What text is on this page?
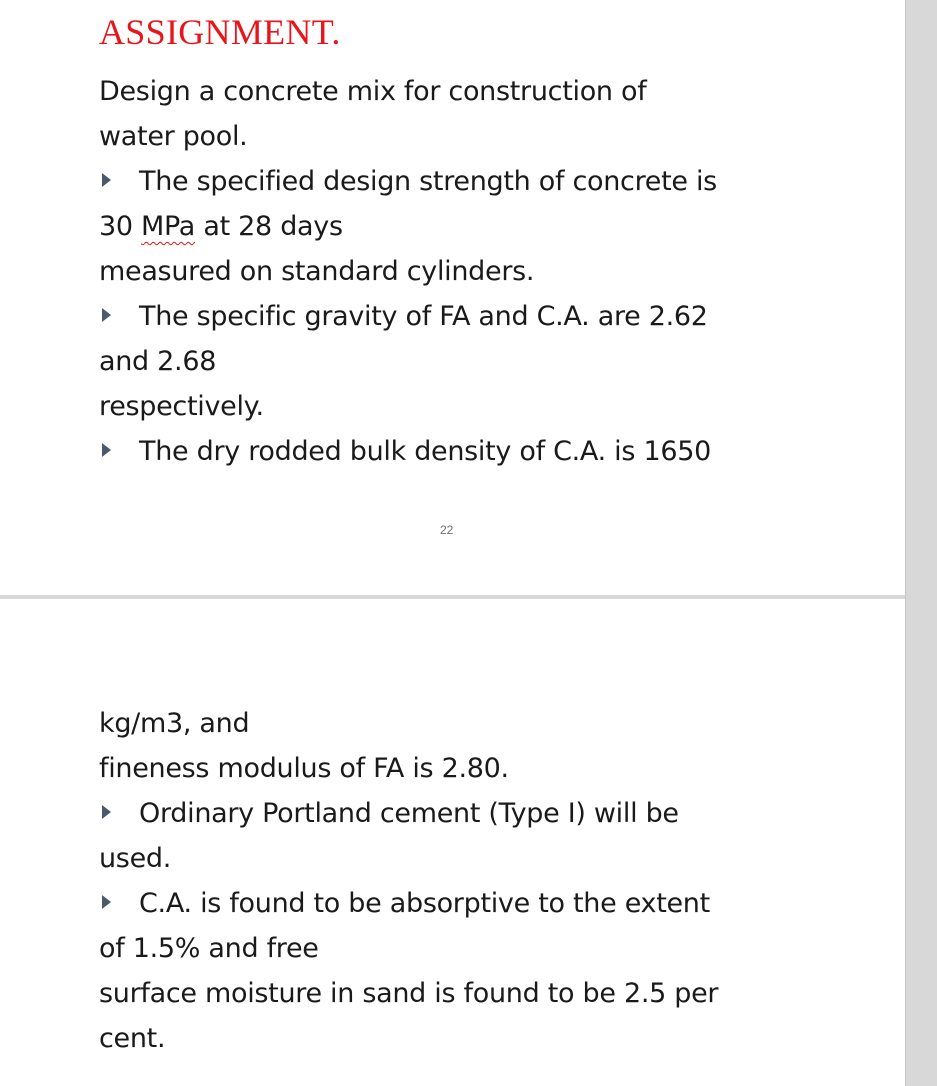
ASSIGNMENT.

Design a concrete mix for construction of

water pool.

The specified design strength of concrete is

30 MPa at 28 days

measured on standard cylinders.

The specific gravity of FA and C.A. are 2.62

and 2.68

respectively.

The dry rodded bulk density of C.A. is 1650

22

kg/m3, and

fineness modulus of FA is 2.80.

Ordinary Portland cement (Type I) will be

used.

C.A. is found to be absorptive to the extent

of 1.5% and free

surface moisture in sand is found to be 2.5 per

cent.
